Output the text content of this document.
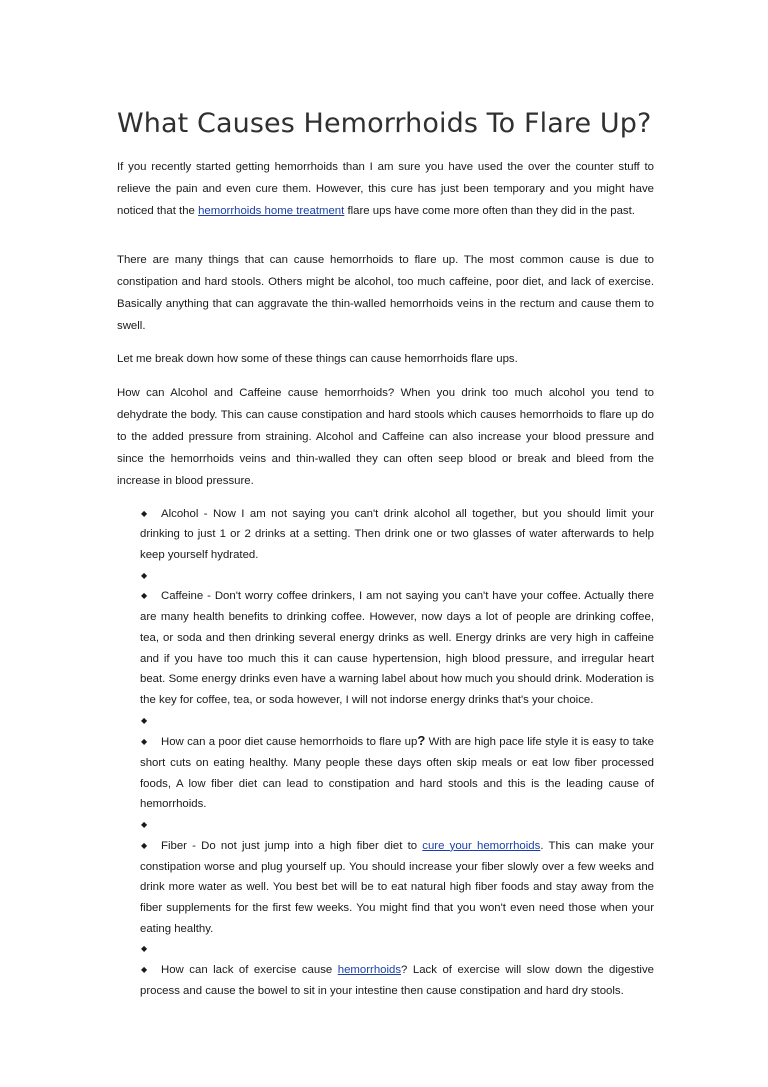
What Causes Hemorrhoids To Flare Up?

If you recently started getting hemorrhoids than I am sure you have used the over the counter stuff to relieve the pain and even cure them. However, this cure has just been temporary and you might have noticed that the hemorrhoids home treatment flare ups have come more often than they did in the past.

There are many things that can cause hemorrhoids to flare up. The most common cause is due to constipation and hard stools. Others might be alcohol, too much caffeine, poor diet, and lack of exercise. Basically anything that can aggravate the thin-walled hemorrhoids veins in the rectum and cause them to swell.

Let me break down how some of these things can cause hemorrhoids flare ups.

How can Alcohol and Caffeine cause hemorrhoids? When you drink too much alcohol you tend to dehydrate the body. This can cause constipation and hard stools which causes hemorrhoids to flare up do to the added pressure from straining. Alcohol and Caffeine can also increase your blood pressure and since the hemorrhoids veins and thin-walled they can often seep blood or break and bleed from the increase in blood pressure.

◆ Alcohol - Now I am not saying you can't drink alcohol all together, but you should limit your drinking to just 1 or 2 drinks at a setting. Then drink one or two glasses of water afterwards to help keep yourself hydrated.
◆
◆ Caffeine - Don't worry coffee drinkers, I am not saying you can't have your coffee. Actually there are many health benefits to drinking coffee. However, now days a lot of people are drinking coffee, tea, or soda and then drinking several energy drinks as well. Energy drinks are very high in caffeine and if you have too much this it can cause hypertension, high blood pressure, and irregular heart beat. Some energy drinks even have a warning label about how much you should drink. Moderation is the key for coffee, tea, or soda however, I will not indorse energy drinks that's your choice.
◆
◆ How can a poor diet cause hemorrhoids to flare up? With are high pace life style it is easy to take short cuts on eating healthy. Many people these days often skip meals or eat low fiber processed foods, A low fiber diet can lead to constipation and hard stools and this is the leading cause of hemorrhoids.
◆
◆ Fiber - Do not just jump into a high fiber diet to cure your hemorrhoids. This can make your constipation worse and plug yourself up. You should increase your fiber slowly over a few weeks and drink more water as well. You best bet will be to eat natural high fiber foods and stay away from the fiber supplements for the first few weeks. You might find that you won't even need those when your eating healthy.
◆
◆ How can lack of exercise cause hemorrhoids? Lack of exercise will slow down the digestive process and cause the bowel to sit in your intestine then cause constipation and hard dry stools.
